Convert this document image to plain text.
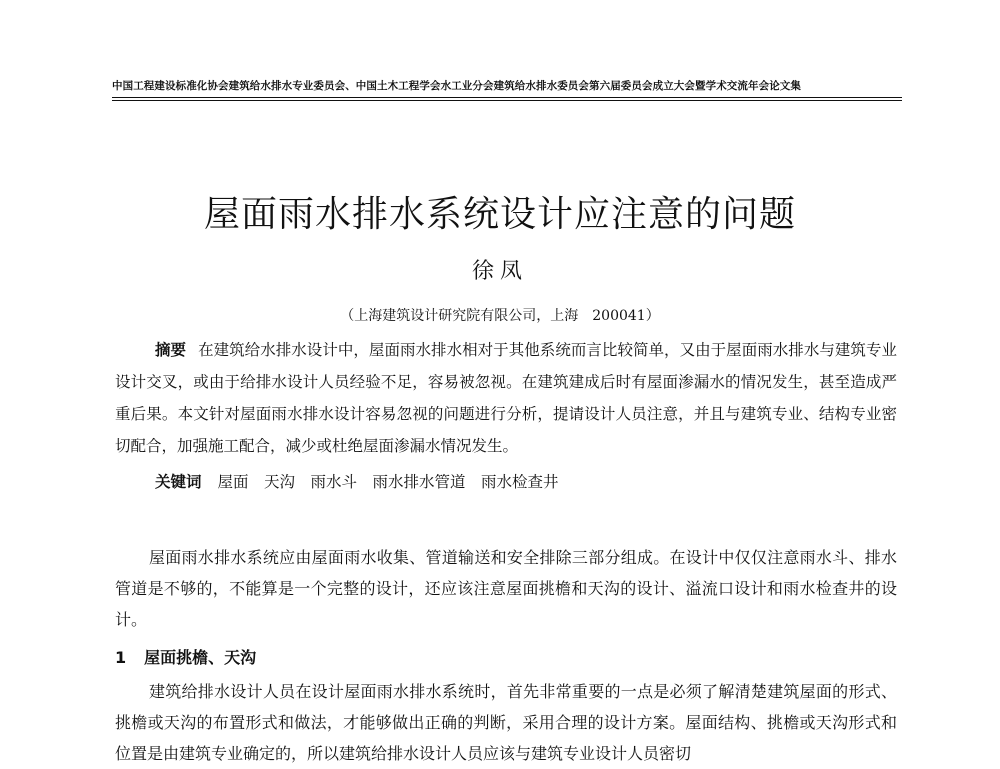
中国工程建设标准化协会建筑给水排水专业委员会、中国土木工程学会水工业分会建筑给水排水委员会第六届委员会成立大会暨学术交流年会论文集
屋面雨水排水系统设计应注意的问题
徐凤
（上海建筑设计研究院有限公司，上海　200041）
摘要 在建筑给水排水设计中，屋面雨水排水相对于其他系统而言比较简单，又由于屋面雨水排水与建筑专业设计交叉，或由于给排水设计人员经验不足，容易被忽视。在建筑建成后时有屋面渗漏水的情况发生，甚至造成严重后果。本文针对屋面雨水排水设计容易忽视的问题进行分析，提请设计人员注意，并且与建筑专业、结构专业密切配合，加强施工配合，减少或杜绝屋面渗漏水情况发生。
关键词 屋面　天沟　雨水斗　雨水排水管道　雨水检查井
屋面雨水排水系统应由屋面雨水收集、管道输送和安全排除三部分组成。在设计中仅仅注意雨水斗、排水管道是不够的，不能算是一个完整的设计，还应该注意屋面挑檐和天沟的设计、溢流口设计和雨水检查井的设计。
1 屋面挑檐、天沟
建筑给排水设计人员在设计屋面雨水排水系统时，首先非常重要的一点是必须了解清楚建筑屋面的形式、挑檐或天沟的布置形式和做法，才能够做出正确的判断，采用合理的设计方案。屋面结构、挑檐或天沟形式和位置是由建筑专业确定的，所以建筑给排水设计人员应该与建筑专业设计人员密切
